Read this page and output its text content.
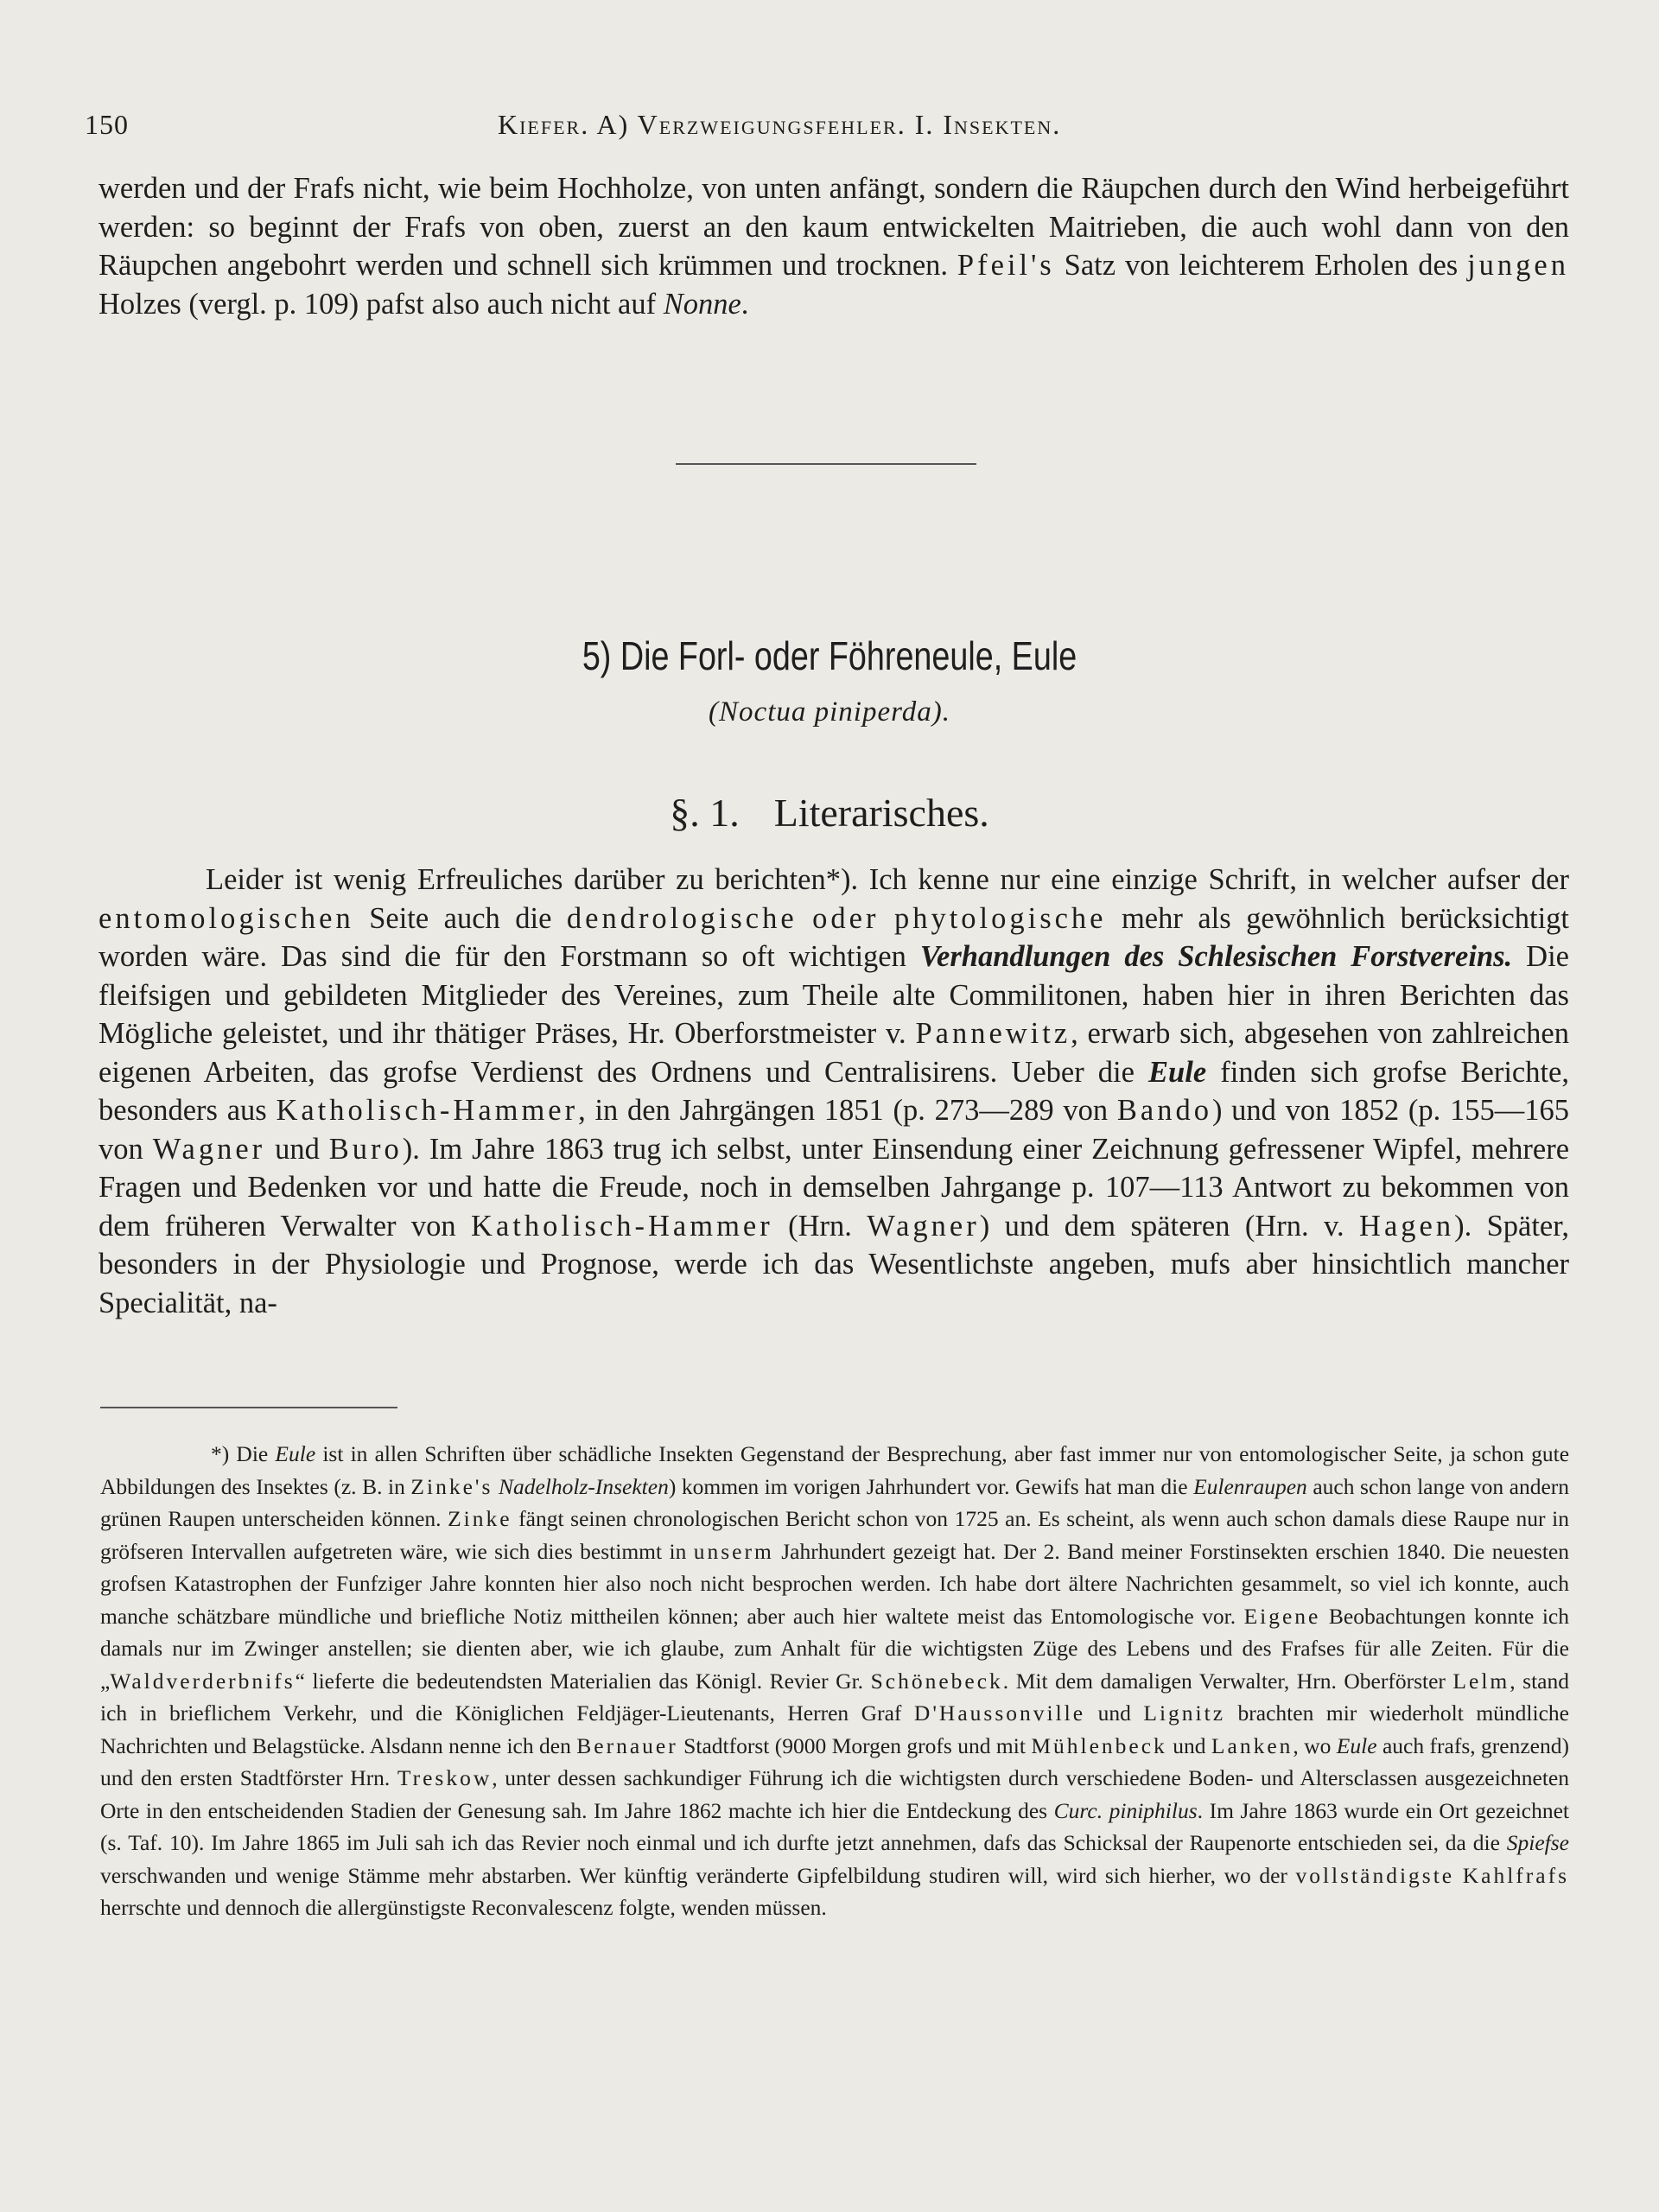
150	Kiefer. A) Verzweigungsfehler. I. Insekten.

werden und der Frafs nicht, wie beim Hochholze, von unten anfängt, sondern die Räupchen durch den Wind herbeigeführt werden: so beginnt der Frafs von oben, zuerst an den kaum entwickelten Maitrieben, die auch wohl dann von den Räupchen angebohrt werden und schnell sich krümmen und trocknen. Pfeil's Satz von leichterem Erholen des jungen Holzes (vergl. p. 109) pafst also auch nicht auf Nonne.

5) Die Forl- oder Föhreneule, Eule
(Noctua piniperda).
§. 1. Literarisches.

Leider ist wenig Erfreuliches darüber zu berichten*). Ich kenne nur eine einzige Schrift, in welcher aufser der entomologischen Seite auch die dendrologische oder phytologische mehr als gewöhnlich berücksichtigt worden wäre. Das sind die für den Forstmann so oft wichtigen Verhandlungen des Schlesischen Forstvereins. Die fleifsigen und gebildeten Mitglieder des Vereines, zum Theile alte Commilitonen, haben hier in ihren Berichten das Mögliche geleistet, und ihr thätiger Präses, Hr. Oberforstmeister v. Pannewitz, erwarb sich, abgesehen von zahlreichen eigenen Arbeiten, das grofse Verdienst des Ordnens und Centralisirens. Ueber die Eule finden sich grofse Berichte, besonders aus Katholisch-Hammer, in den Jahrgängen 1851 (p. 273—289 von Bando) und von 1852 (p. 155—165 von Wagner und Buro). Im Jahre 1863 trug ich selbst, unter Einsendung einer Zeichnung gefressener Wipfel, mehrere Fragen und Bedenken vor und hatte die Freude, noch in demselben Jahrgange p. 107—113 Antwort zu bekommen von dem früheren Verwalter von Katholisch-Hammer (Hrn. Wagner) und dem späteren (Hrn. v. Hagen). Später, besonders in der Physiologie und Prognose, werde ich das Wesentlichste angeben, mufs aber hinsichtlich mancher Specialität, na-

*) Die Eule ist in allen Schriften über schädliche Insekten Gegenstand der Besprechung, aber fast immer nur von entomologischer Seite, ja schon gute Abbildungen des Insektes (z. B. in Zinke's Nadelholz-Insekten) kommen im vorigen Jahrhundert vor. Gewifs hat man die Eulenraupen auch schon lange von andern grünen Raupen unterscheiden können. Zinke fängt seinen chronologischen Bericht schon von 1725 an. Es scheint, als wenn auch schon damals diese Raupe nur in gröfseren Intervallen aufgetreten wäre, wie sich dies bestimmt in unserm Jahrhundert gezeigt hat. Der 2. Band meiner Forstinsekten erschien 1840. Die neuesten grofsen Katastrophen der Funfziger Jahre konnten hier also noch nicht besprochen werden. Ich habe dort ältere Nachrichten gesammelt, so viel ich konnte, auch manche schätzbare mündliche und briefliche Notiz mittheilen können; aber auch hier waltete meist das Entomologische vor. Eigene Beobachtungen konnte ich damals nur im Zwinger anstellen; sie dienten aber, wie ich glaube, zum Anhalt für die wichtigsten Züge des Lebens und des Frafses für alle Zeiten. Für die „Waldverderbnifs“ lieferte die bedeutendsten Materialien das Königl. Revier Gr. Schönebeck. Mit dem damaligen Verwalter, Hrn. Oberförster Lelm, stand ich in brieflichem Verkehr, und die Königlichen Feldjäger-Lieutenants, Herren Graf D'Haussonville und Lignitz brachten mir wiederholt mündliche Nachrichten und Belagstücke. Alsdann nenne ich den Bernauer Stadtforst (9000 Morgen grofs und mit Mühlenbeck und Lanken, wo Eule auch frafs, grenzend) und den ersten Stadtförster Hrn. Treskow, unter dessen sachkundiger Führung ich die wichtigsten durch verschiedene Boden- und Altersclassen ausgezeichneten Orte in den entscheidenden Stadien der Genesung sah. Im Jahre 1862 machte ich hier die Entdeckung des Curc. piniphilus. Im Jahre 1863 wurde ein Ort gezeichnet (s. Taf. 10). Im Jahre 1865 im Juli sah ich das Revier noch einmal und ich durfte jetzt annehmen, dafs das Schicksal der Raupenorte entschieden sei, da die Spiefse verschwanden und wenige Stämme mehr abstarben. Wer künftig veränderte Gipfelbildung studiren will, wird sich hierher, wo der vollständigste Kahlfrafs herrschte und dennoch die allergünstigste Reconvalescenz folgte, wenden müssen.
